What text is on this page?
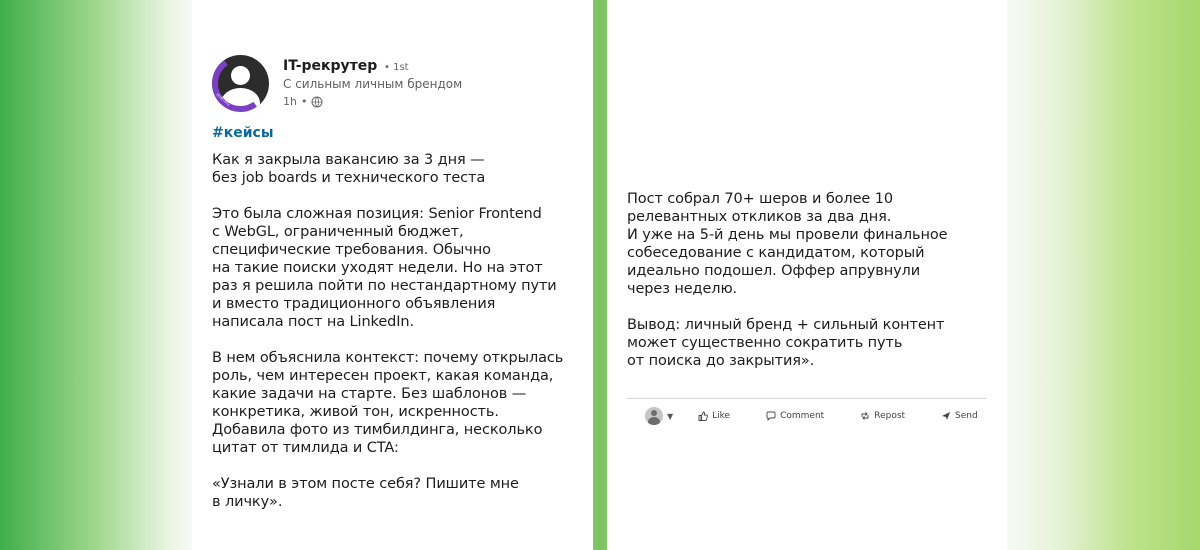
HIRING
IT-рекрутер • 1st
С сильным личным брендом
1h •
#кейсы
Как я закрыла вакансию за 3 дня —
без job boards и технического теста

Это была сложная позиция: Senior Frontend
с WebGL, ограниченный бюджет,
специфические требования. Обычно
на такие поиски уходят недели. Но на этот
раз я решила пойти по нестандартному пути
и вместо традиционного объявления
написала пост на LinkedIn.

В нем объяснила контекст: почему открылась
роль, чем интересен проект, какая команда,
какие задачи на старте. Без шаблонов —
конкретика, живой тон, искренность.
Добавила фото из тимбилдинга, несколько
цитат от тимлида и CTA:

«Узнали в этом посте себя? Пишите мне
в личку».
Пост собрал 70+ шеров и более 10
релевантных откликов за два дня.
И уже на 5-й день мы провели финальное
собеседование с кандидатом, который
идеально подошел. Оффер апрувнули
через неделю.

Вывод: личный бренд + сильный контент
может существенно сократить путь
от поиска до закрытия».
▼	Like	Comment	Repost	Send
